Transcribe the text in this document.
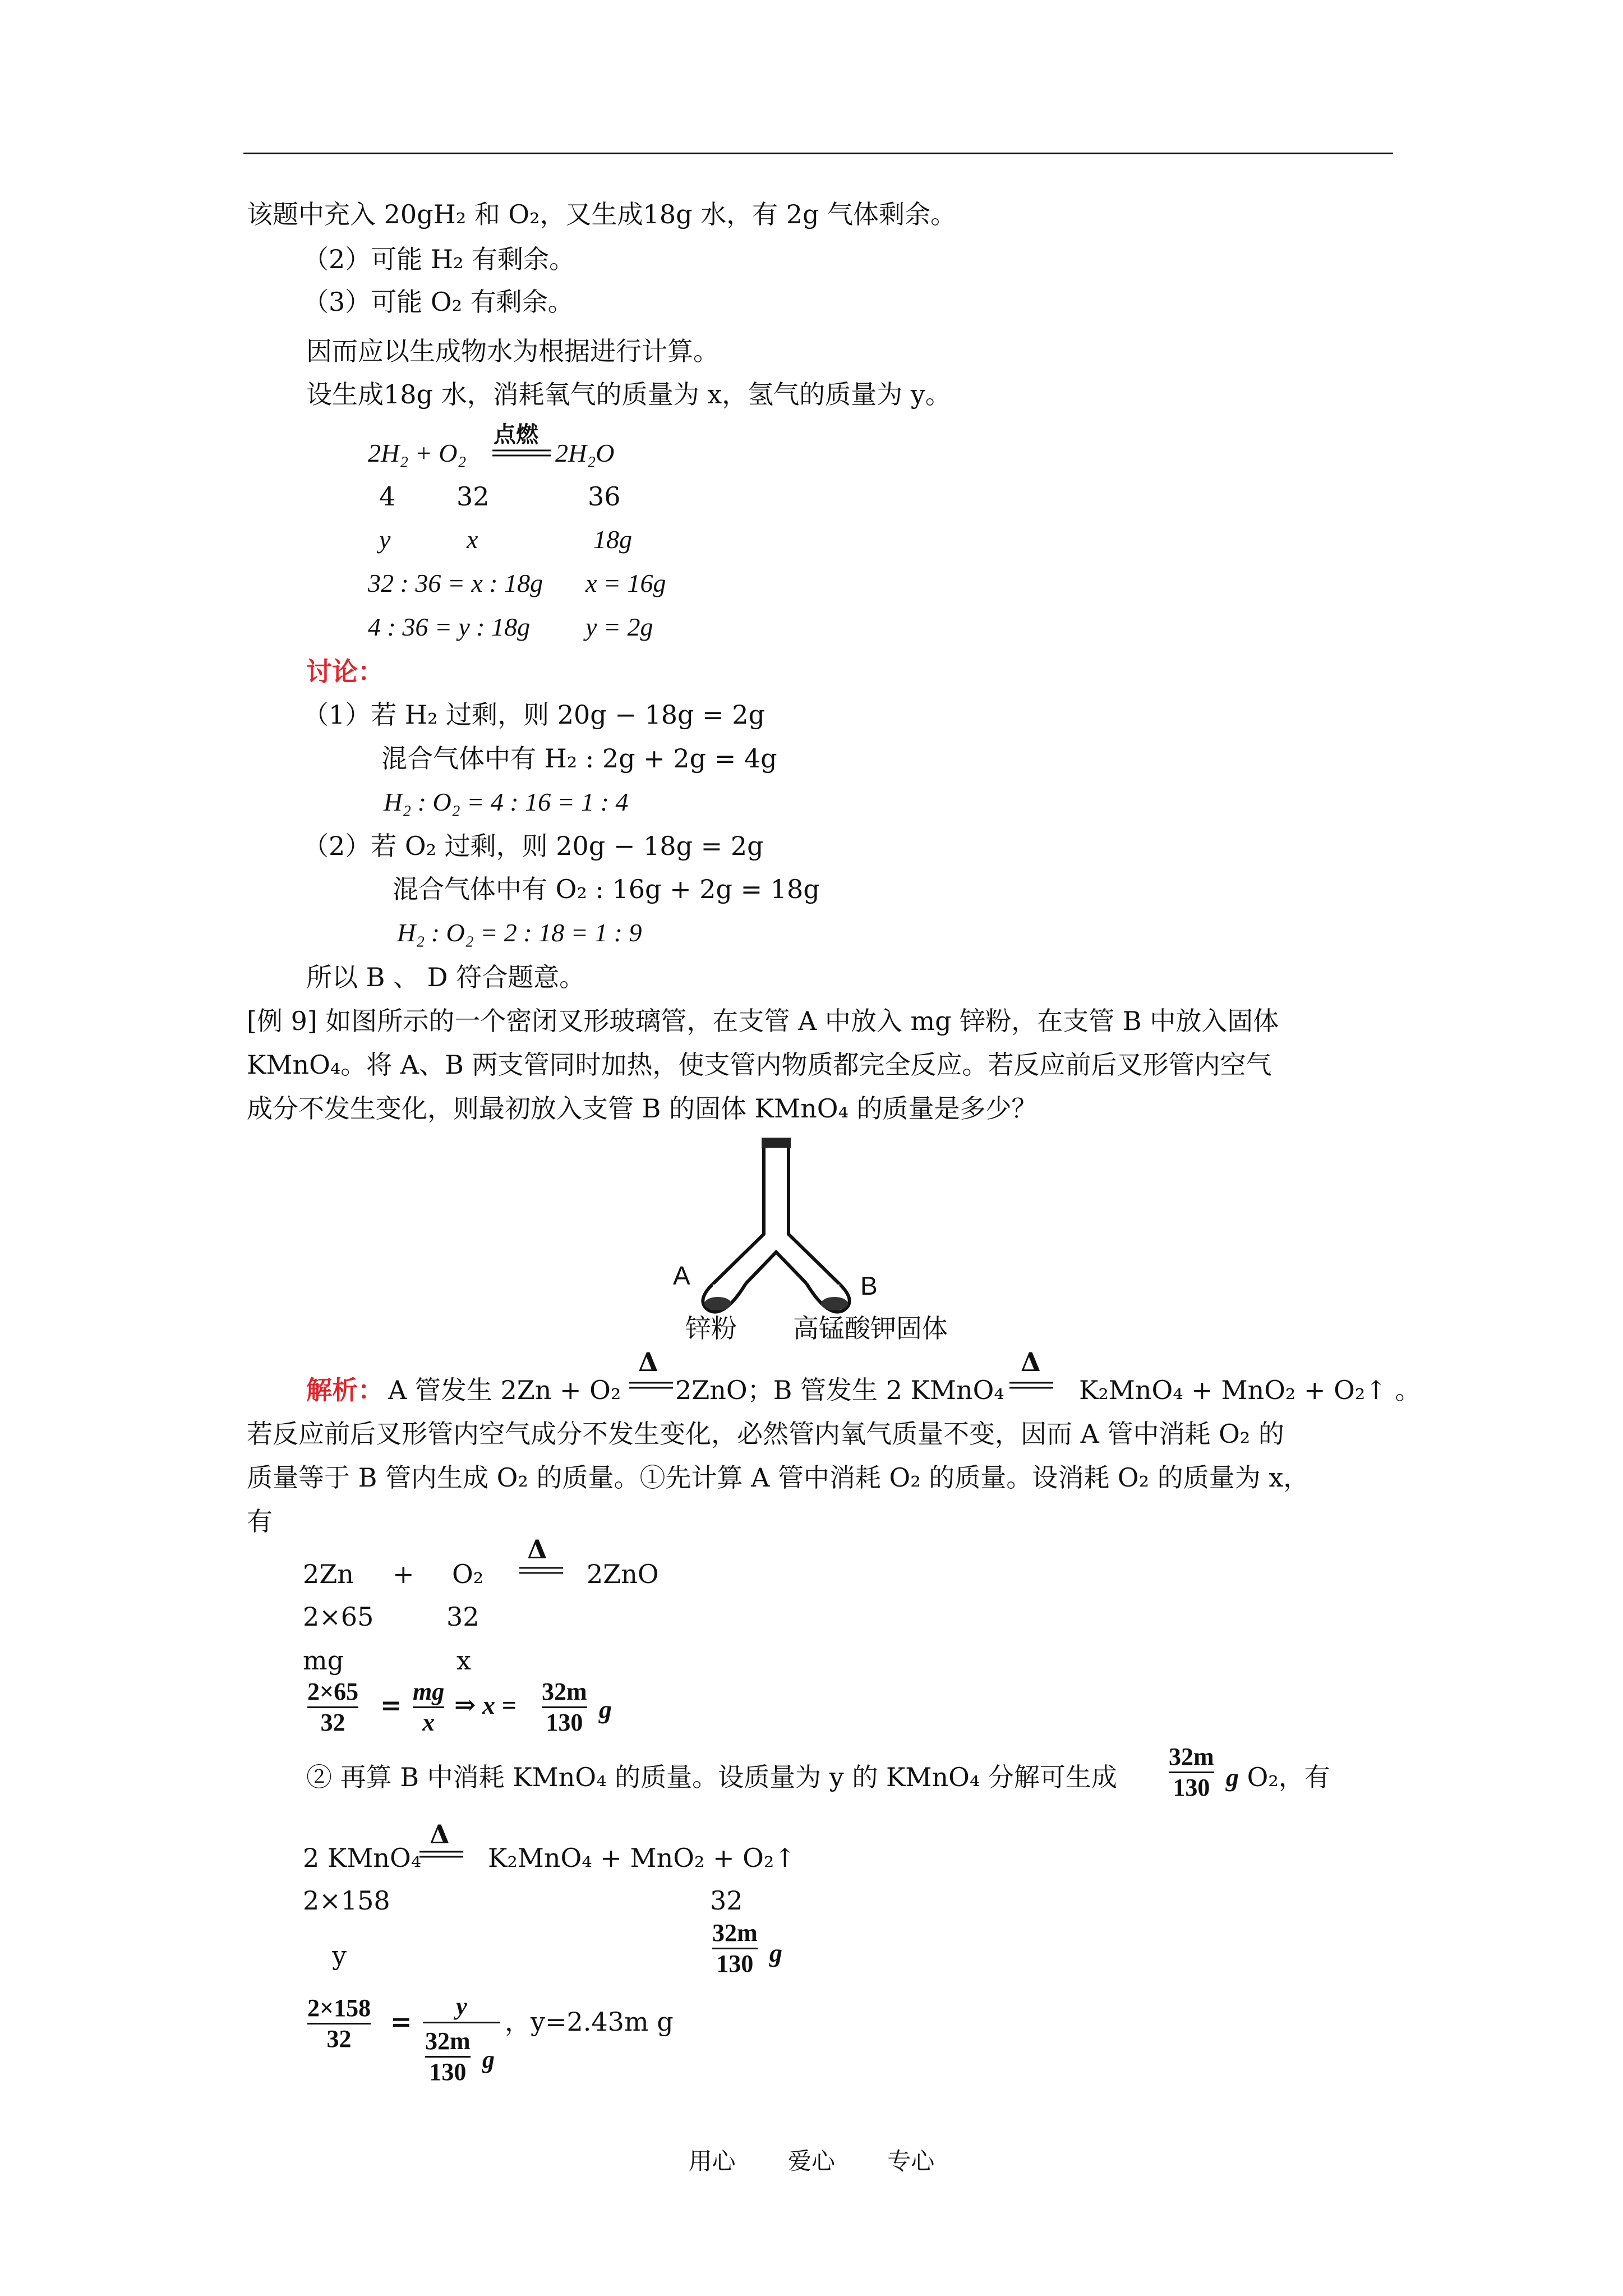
该题中充入 20gH₂ 和 O₂，又生成18g 水，有 2g 气体剩余。
（2）可能 H₂ 有剩余。
（3）可能 O₂ 有剩余。
因而应以生成物水为根据进行计算。
设生成18g 水，消耗氧气的质量为 x，氢气的质量为 y。
2H₂ + O₂
点燃
2H₂O
4 32	36
y	x	18g
32 : 36 = x : 18g x = 16g
4 : 36 = y : 18g y = 2g
讨论：
（1）若 H₂ 过剩，则 20g − 18g = 2g
混合气体中有 H₂ : 2g + 2g = 4g
H₂ : O₂ = 4 : 16 = 1 : 4
（2）若 O₂ 过剩，则 20g − 18g = 2g
混合气体中有 O₂ : 16g + 2g = 18g
H₂ : O₂ = 2 : 18 = 1 : 9
所以 B 、 D 符合题意。
[例 9] 如图所示的一个密闭叉形玻璃管，在支管 A 中放入 mg 锌粉，在支管 B 中放入固体
KMnO₄。将 A、B 两支管同时加热，使支管内物质都完全反应。若反应前后叉形管内空气
成分不发生变化，则最初放入支管 B 的固体 KMnO₄ 的质量是多少？
A	B
锌粉 高锰酸钾固体
解析： A 管发生 2Zn + O₂
Δ
2ZnO；B 管发生 2 KMnO₄
Δ
K₂MnO₄ + MnO₂ + O₂↑ 。
若反应前后叉形管内空气成分不发生变化，必然管内氧气质量不变，因而 A 管中消耗 O₂ 的
质量等于 B 管内生成 O₂ 的质量。①先计算 A 管中消耗 O₂ 的质量。设消耗 O₂ 的质量为 x，
有
2Zn + O₂
Δ
2ZnO
2×65	32
mg	x
2×65
32
= mg
x
⇒ x = 32m
130 g
② 再算 B 中消耗 KMnO₄ 的质量。设质量为 y 的 KMnO₄ 分解可生成
32m
130 g O₂，有
2 KMnO₄
Δ
K₂MnO₄ + MnO₂ + O₂↑
2×158	32
y
32m
130 g
2×158
32
=
y
$\frac{32m}{130}$ g
，y=2.43m g
用心 爱心 专心
